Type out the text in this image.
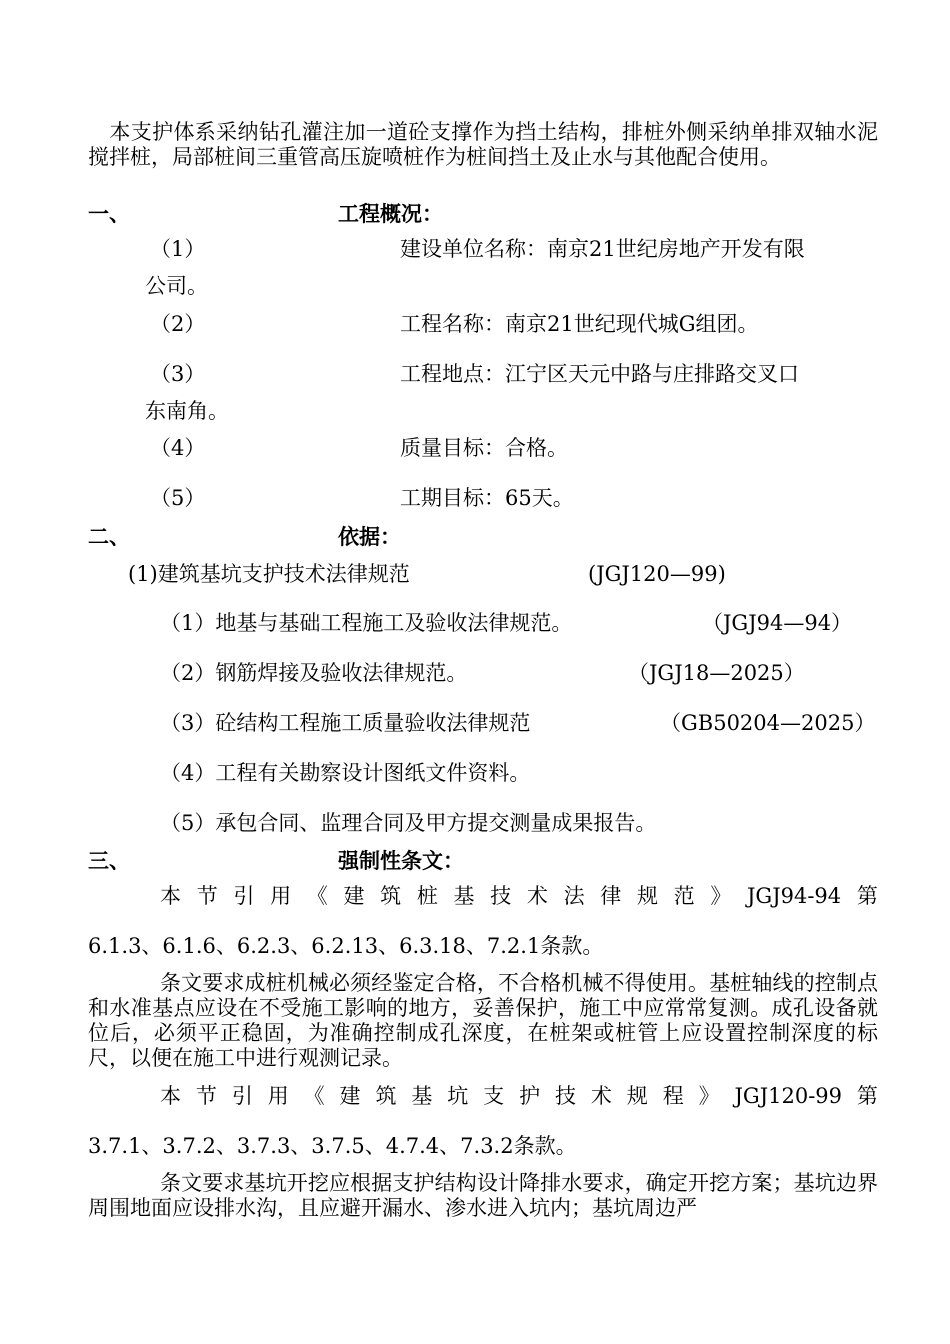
　本支护体系采纳钻孔灌注加一道砼支撑作为挡土结构，排桩外侧采纳单排双轴水泥搅拌桩，局部桩间三重管高压旋喷桩作为桩间挡土及止水与其他配合使用。
一、	工程概况：
（1）	建设单位名称：南京21世纪房地产开发有限
公司。
（2）	工程名称：南京21世纪现代城G组团。
（3）	工程地点：江宁区天元中路与庄排路交叉口
东南角。
（4）	质量目标：合格。
（5）	工期目标：65天。
二、	依据：
(1)建筑基坑支护技术法律规范	(JGJ120—99)
（1）地基与基础工程施工及验收法律规范。	（JGJ94—94）
（2）钢筋焊接及验收法律规范。	（JGJ18—2025）
（3）砼结构工程施工质量验收法律规范	（GB50204—2025）
（4）工程有关勘察设计图纸文件资料。
（5）承包合同、监理合同及甲方提交测量成果报告。
三、	强制性条文：
本 节 引 用 《 建 筑 桩 基 技 术 法 律 规 范 》 JGJ94-94 第
6.1.3、6.1.6、6.2.3、6.2.13、6.3.18、7.2.1条款。
条文要求成桩机械必须经鉴定合格，不合格机械不得使用。基桩轴线的控制点和水准基点应设在不受施工影响的地方，妥善保护，施工中应常常复测。成孔设备就位后，必须平正稳固，为准确控制成孔深度，在桩架或桩管上应设置控制深度的标尺，以便在施工中进行观测记录。
本 节 引 用 《 建 筑 基 坑 支 护 技 术 规 程 》 JGJ120-99 第
3.7.1、3.7.2、3.7.3、3.7.5、4.7.4、7.3.2条款。
条文要求基坑开挖应根据支护结构设计降排水要求，确定开挖方案；基坑边界周围地面应设排水沟，且应避开漏水、渗水进入坑内；基坑周边严
